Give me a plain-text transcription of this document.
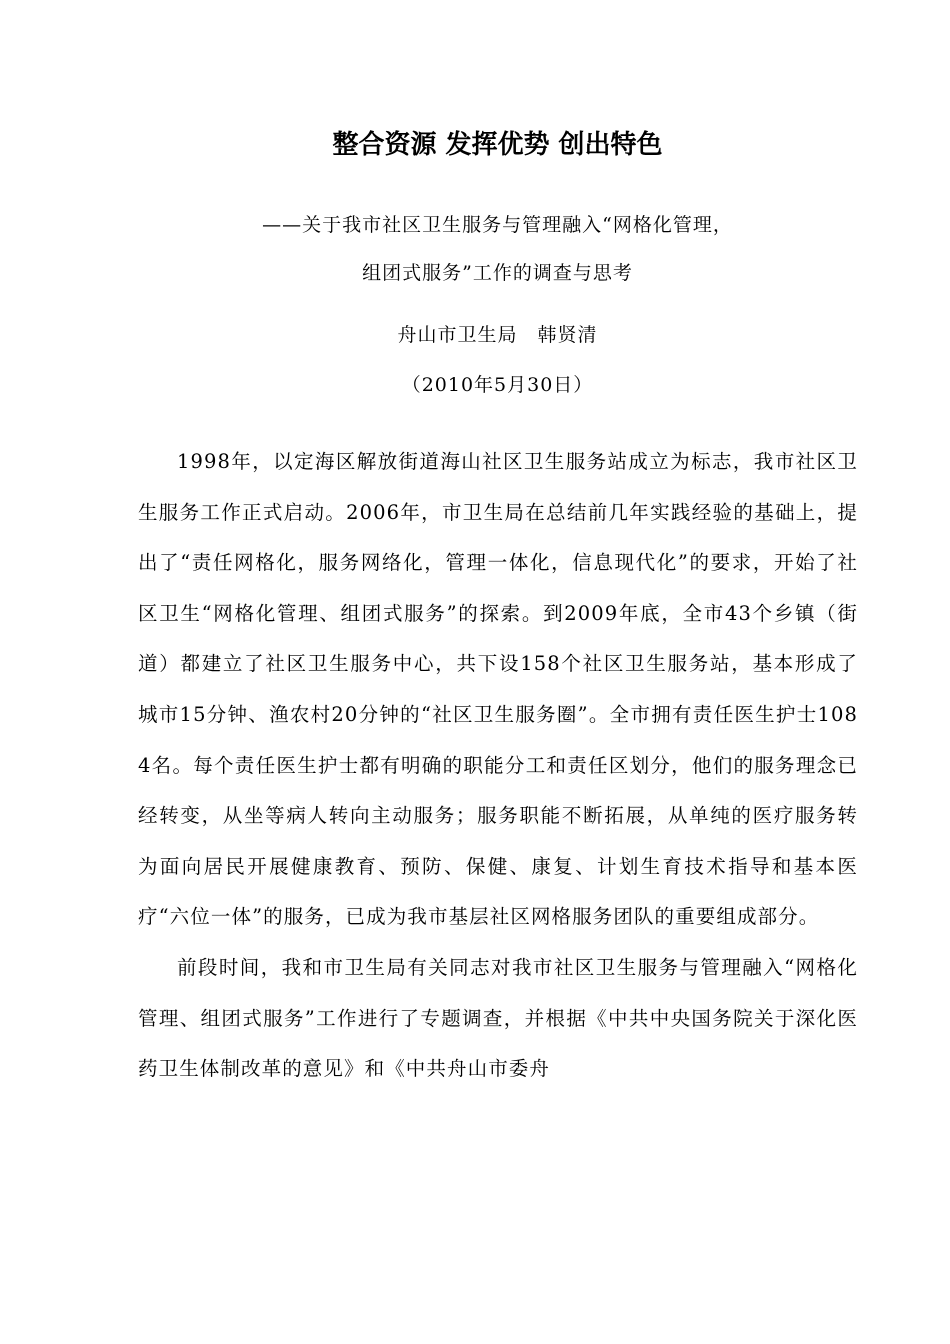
整合资源 发挥优势 创出特色
——关于我市社区卫生服务与管理融入“网格化管理，
组团式服务”工作的调查与思考
舟山市卫生局　韩贤清
（2010年5月30日）

1998年，以定海区解放街道海山社区卫生服务站成立为标志，我市社区卫生服务工作正式启动。2006年，市卫生局在总结前几年实践经验的基础上，提出了“责任网格化，服务网络化，管理一体化，信息现代化”的要求，开始了社区卫生“网格化管理、组团式服务”的探索。到2009年底，全市43个乡镇（街道）都建立了社区卫生服务中心，共下设158个社区卫生服务站，基本形成了城市15分钟、渔农村20分钟的“社区卫生服务圈”。全市拥有责任医生护士1084名。每个责任医生护士都有明确的职能分工和责任区划分，他们的服务理念已经转变，从坐等病人转向主动服务；服务职能不断拓展，从单纯的医疗服务转为面向居民开展健康教育、预防、保健、康复、计划生育技术指导和基本医疗“六位一体”的服务，已成为我市基层社区网格服务团队的重要组成部分。

前段时间，我和市卫生局有关同志对我市社区卫生服务与管理融入“网格化管理、组团式服务”工作进行了专题调查，并根据《中共中央国务院关于深化医药卫生体制改革的意见》和《中共舟山市委舟
